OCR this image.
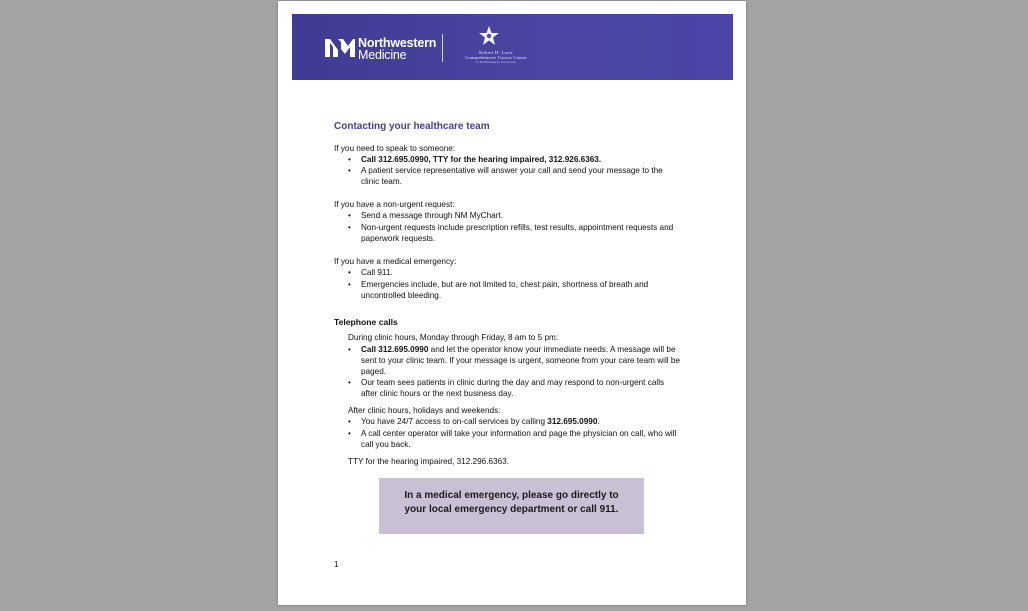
Northwestern
Medicine	Robert H. Lurie
Comprehensive Cancer Center
of Northwestern University
Contacting your healthcare team
If you need to speak to someone:
• Call 312.695.0990, TTY for the hearing impaired, 312.926.6363.
• A patient service representative will answer your call and send your message to the
clinic team.
If you have a non-urgent request:
• Send a message through NM MyChart.
• Non-urgent requests include prescription refills, test results, appointment requests and
paperwork requests.
If you have a medical emergency:
• Call 911.
• Emergencies include, but are not limited to, chest pain, shortness of breath and
uncontrolled bleeding.
Telephone calls
During clinic hours, Monday through Friday, 8 am to 5 pm:
• Call 312.695.0990 and let the operator know your immediate needs. A message will be
sent to your clinic team. If your message is urgent, someone from your care team will be
paged.
• Our team sees patients in clinic during the day and may respond to non-urgent calls
after clinic hours or the next business day.
After clinic hours, holidays and weekends:
• You have 24/7 access to on-call services by calling 312.695.0990.
• A call center operator will take your information and page the physician on call, who will
call you back.
TTY for the hearing impaired, 312.296.6363.
In a medical emergency, please go directly to
your local emergency department or call 911.
1
